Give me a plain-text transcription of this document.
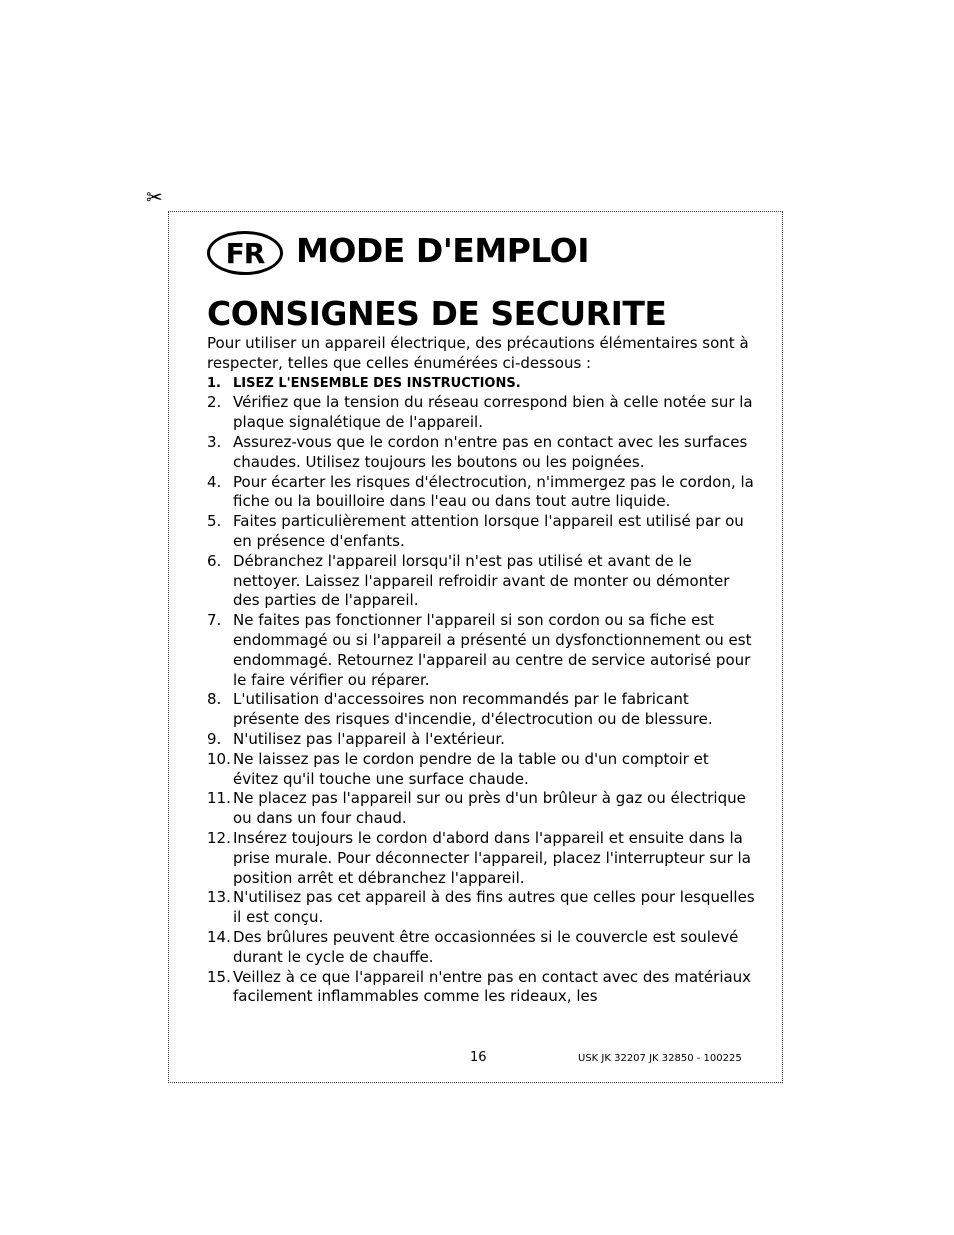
✂
FR MODE D'EMPLOI
CONSIGNES DE SECURITE

Pour utiliser un appareil électrique, des précautions élémentaires sont à respecter, telles que celles énumérées ci-dessous :

1. LISEZ L'ENSEMBLE DES INSTRUCTIONS.
2. Vérifiez que la tension du réseau correspond bien à celle notée sur la plaque signalétique de l'appareil.
3. Assurez-vous que le cordon n'entre pas en contact avec les surfaces chaudes. Utilisez toujours les boutons ou les poignées.
4. Pour écarter les risques d'électrocution, n'immergez pas le cordon, la fiche ou la bouilloire dans l'eau ou dans tout autre liquide.
5. Faites particulièrement attention lorsque l'appareil est utilisé par ou en présence d'enfants.
6. Débranchez l'appareil lorsqu'il n'est pas utilisé et avant de le nettoyer. Laissez l'appareil refroidir avant de monter ou démonter des parties de l'appareil.
7. Ne faites pas fonctionner l'appareil si son cordon ou sa fiche est endommagé ou si l'appareil a présenté un dysfonctionnement ou est endommagé. Retournez l'appareil au centre de service autorisé pour le faire vérifier ou réparer.
8. L'utilisation d'accessoires non recommandés par le fabricant présente des risques d'incendie, d'électrocution ou de blessure.
9. N'utilisez pas l'appareil à l'extérieur.
10. Ne laissez pas le cordon pendre de la table ou d'un comptoir et évitez qu'il touche une surface chaude.
11. Ne placez pas l'appareil sur ou près d'un brûleur à gaz ou électrique ou dans un four chaud.
12. Insérez toujours le cordon d'abord dans l'appareil et ensuite dans la prise murale. Pour déconnecter l'appareil, placez l'interrupteur sur la position arrêt et débranchez l'appareil.
13. N'utilisez pas cet appareil à des fins autres que celles pour lesquelles il est conçu.
14. Des brûlures peuvent être occasionnées si le couvercle est soulevé durant le cycle de chauffe.
15. Veillez à ce que l'appareil n'entre pas en contact avec des matériaux facilement inflammables comme les rideaux, les
16	USK JK 32207 JK 32850 - 100225
